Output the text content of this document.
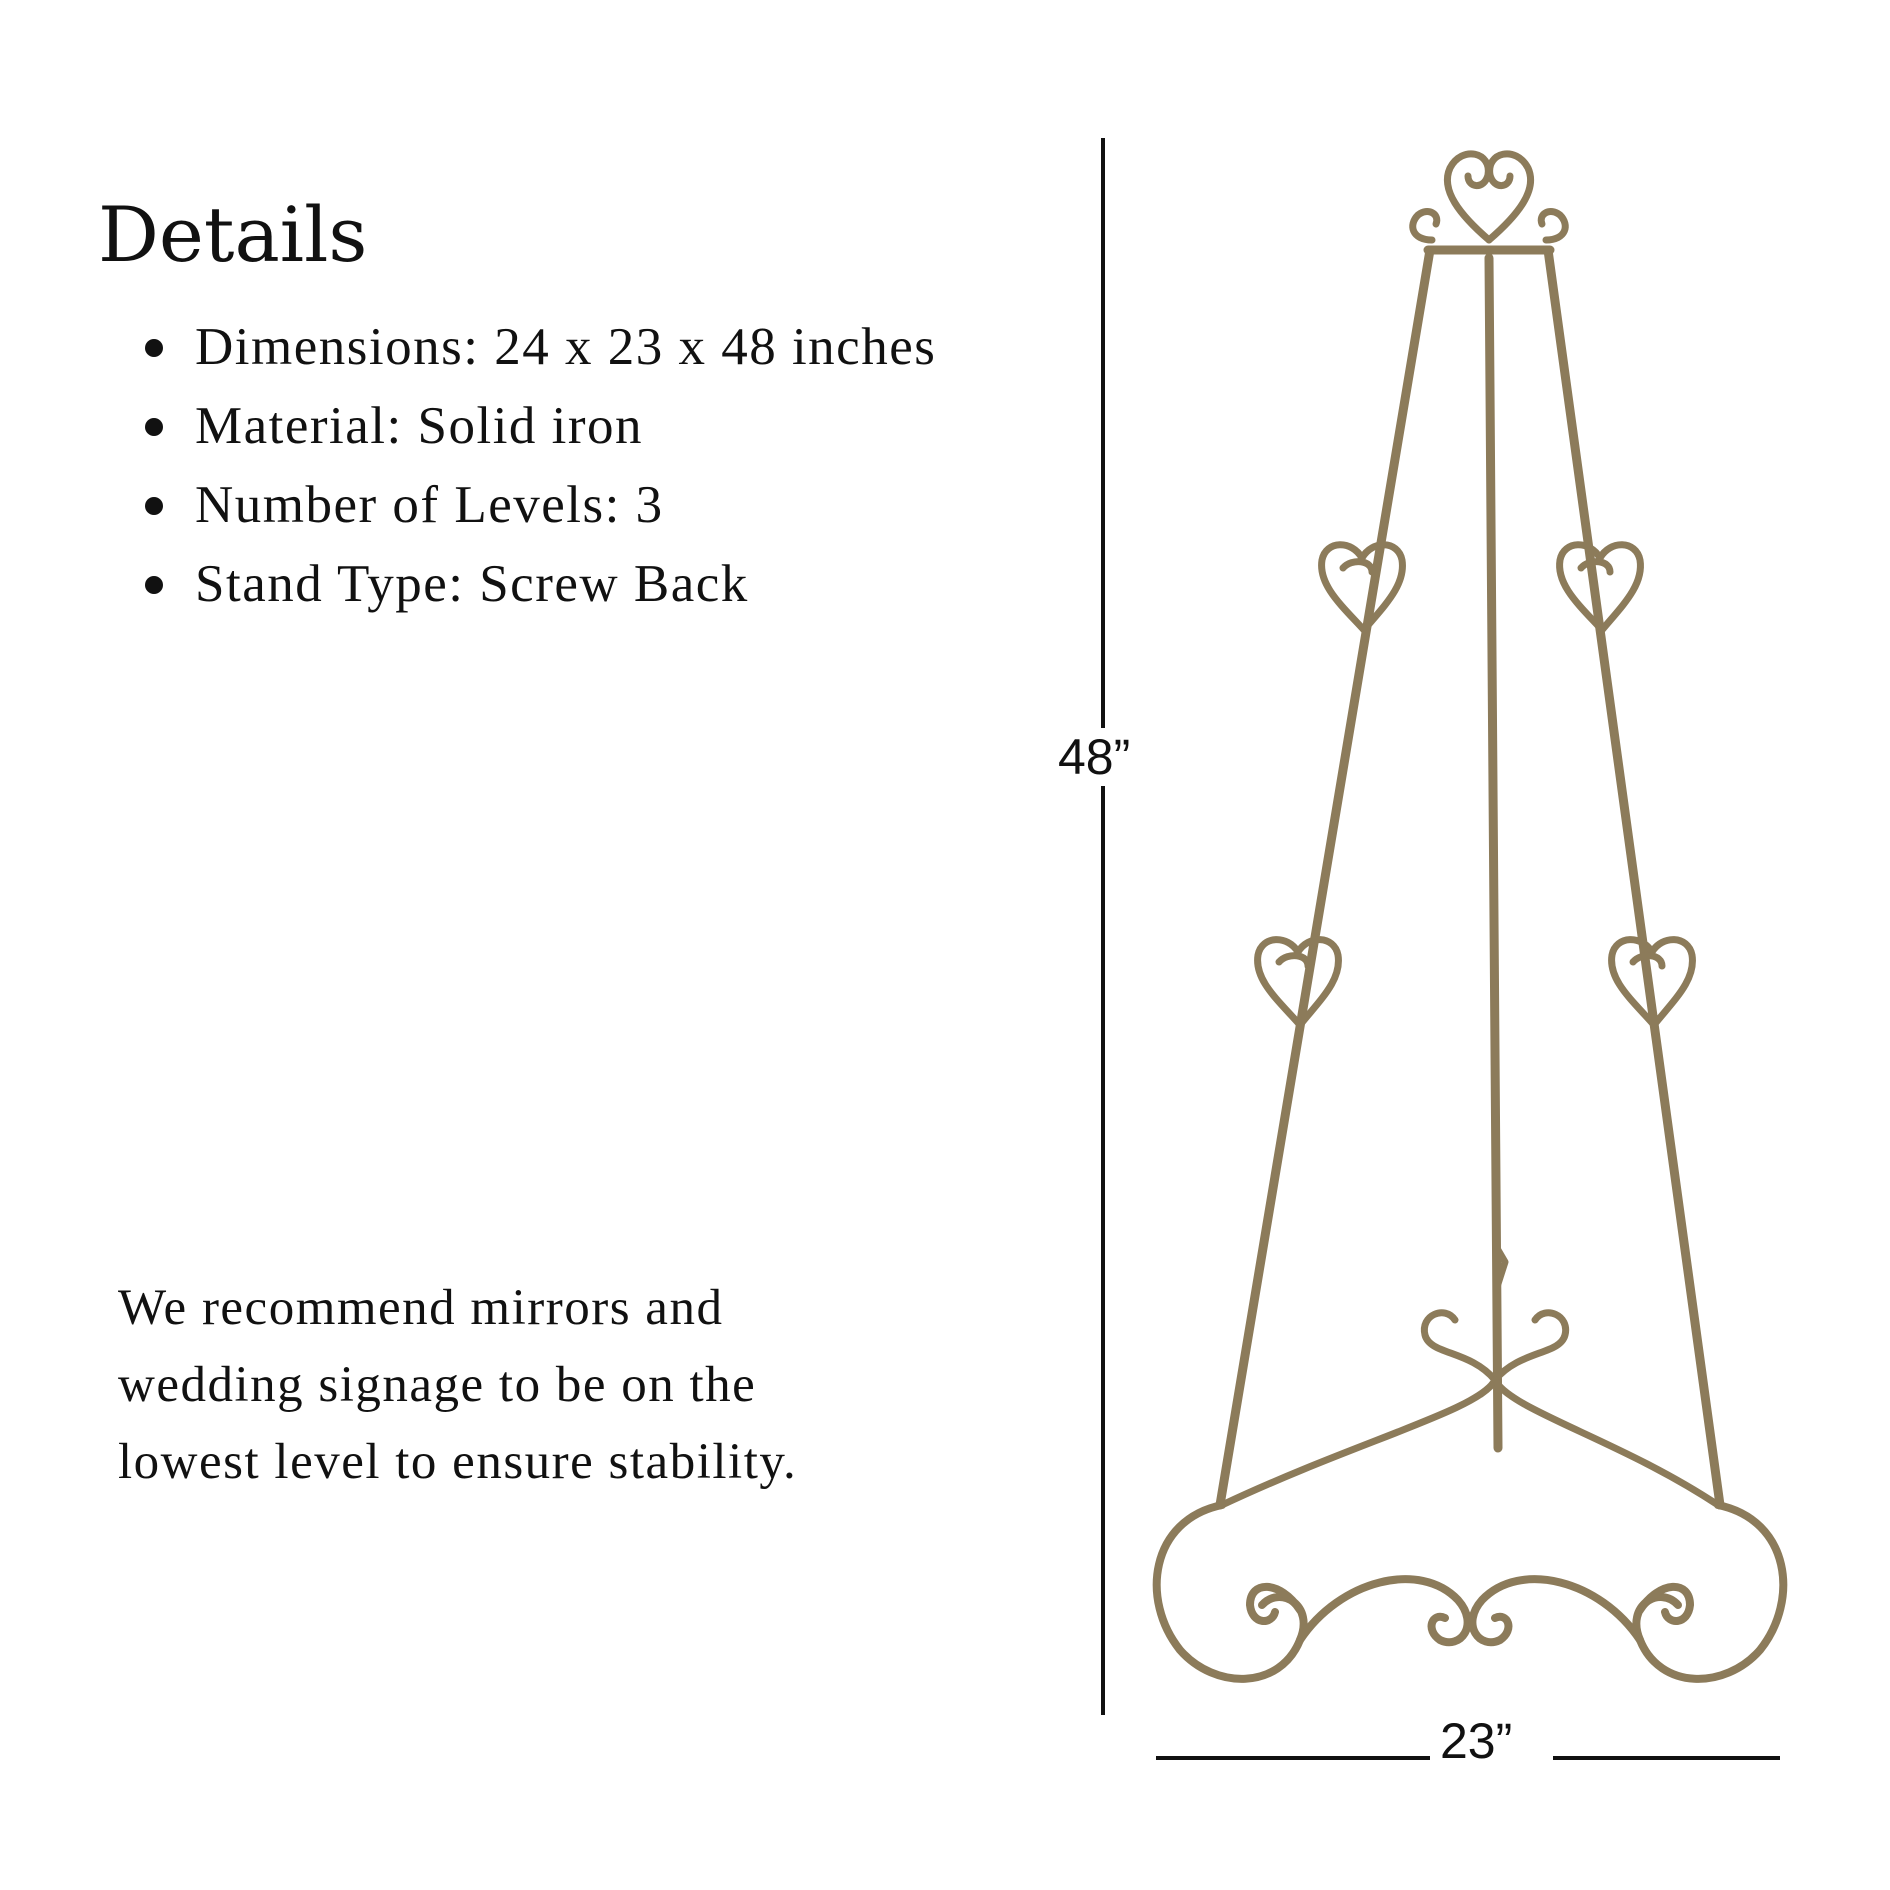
Details
Dimensions: 24 x 23 x 48 inches
Material: Solid iron
Number of Levels: 3
Stand Type: Screw Back

We recommend mirrors and
wedding signage to be on the
lowest level to ensure stability.

48”
23”
